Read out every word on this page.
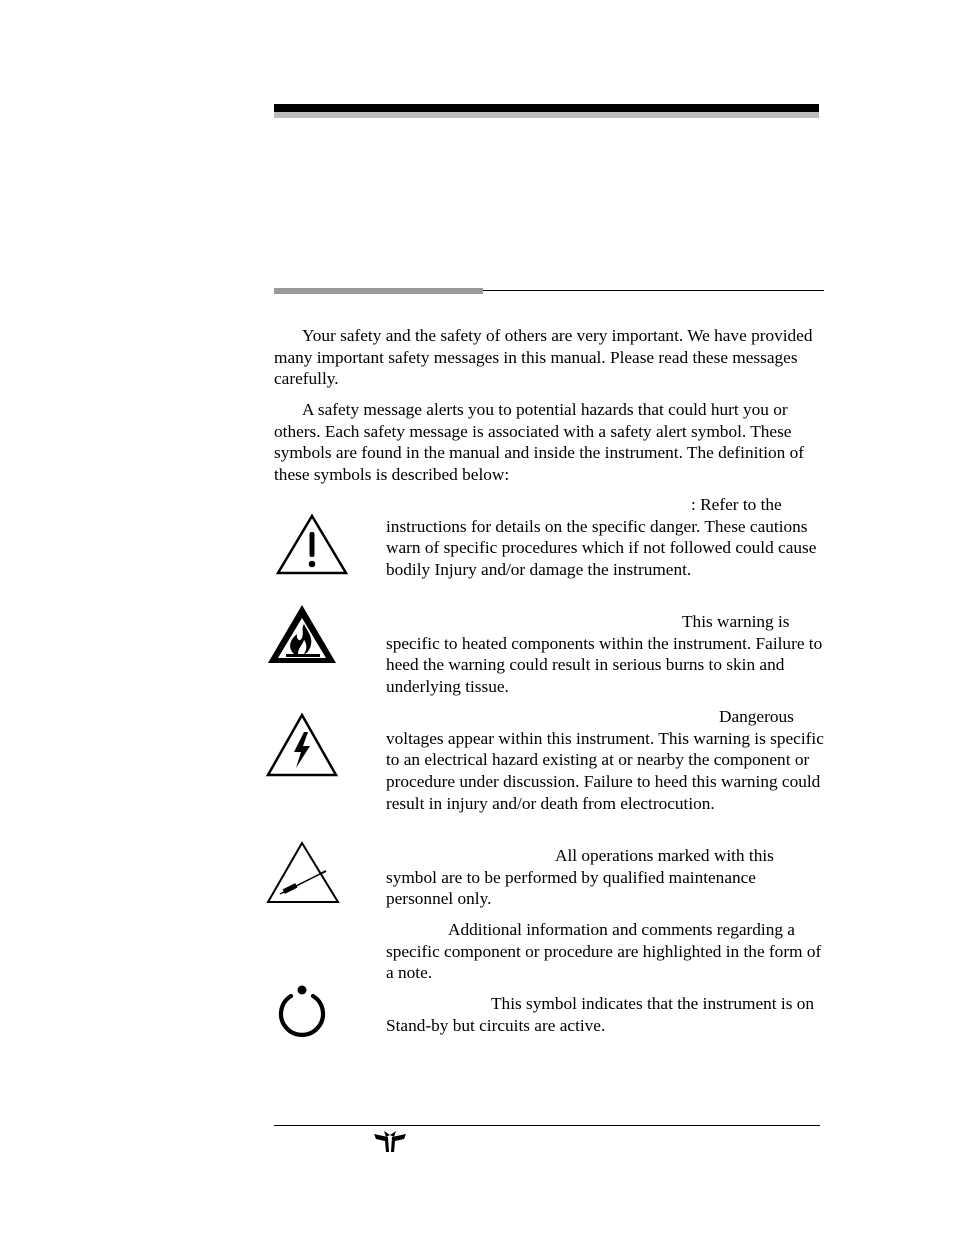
Your safety and the safety of others are very important. We have provided many important safety messages in this manual. Please read these messages carefully.

A safety message alerts you to potential hazards that could hurt you or others. Each safety message is associated with a safety alert symbol. These symbols are found in the manual and inside the instrument. The definition of these symbols is described below:

: Refer to the instructions for details on the specific danger. These cautions warn of specific procedures which if not followed could cause bodily Injury and/or damage the instrument.

This warning is specific to heated components within the instrument. Failure to heed the warning could result in serious burns to skin and underlying tissue.

Dangerous voltages appear within this instrument. This warning is specific to an electrical hazard existing at or nearby the component or procedure under discussion. Failure to heed this warning could result in injury and/or death from electrocution.

All operations marked with this symbol are to be performed by qualified maintenance personnel only.

Additional information and comments regarding a specific component or procedure are highlighted in the form of a note.

This symbol indicates that the instrument is on Stand-by but circuits are active.
